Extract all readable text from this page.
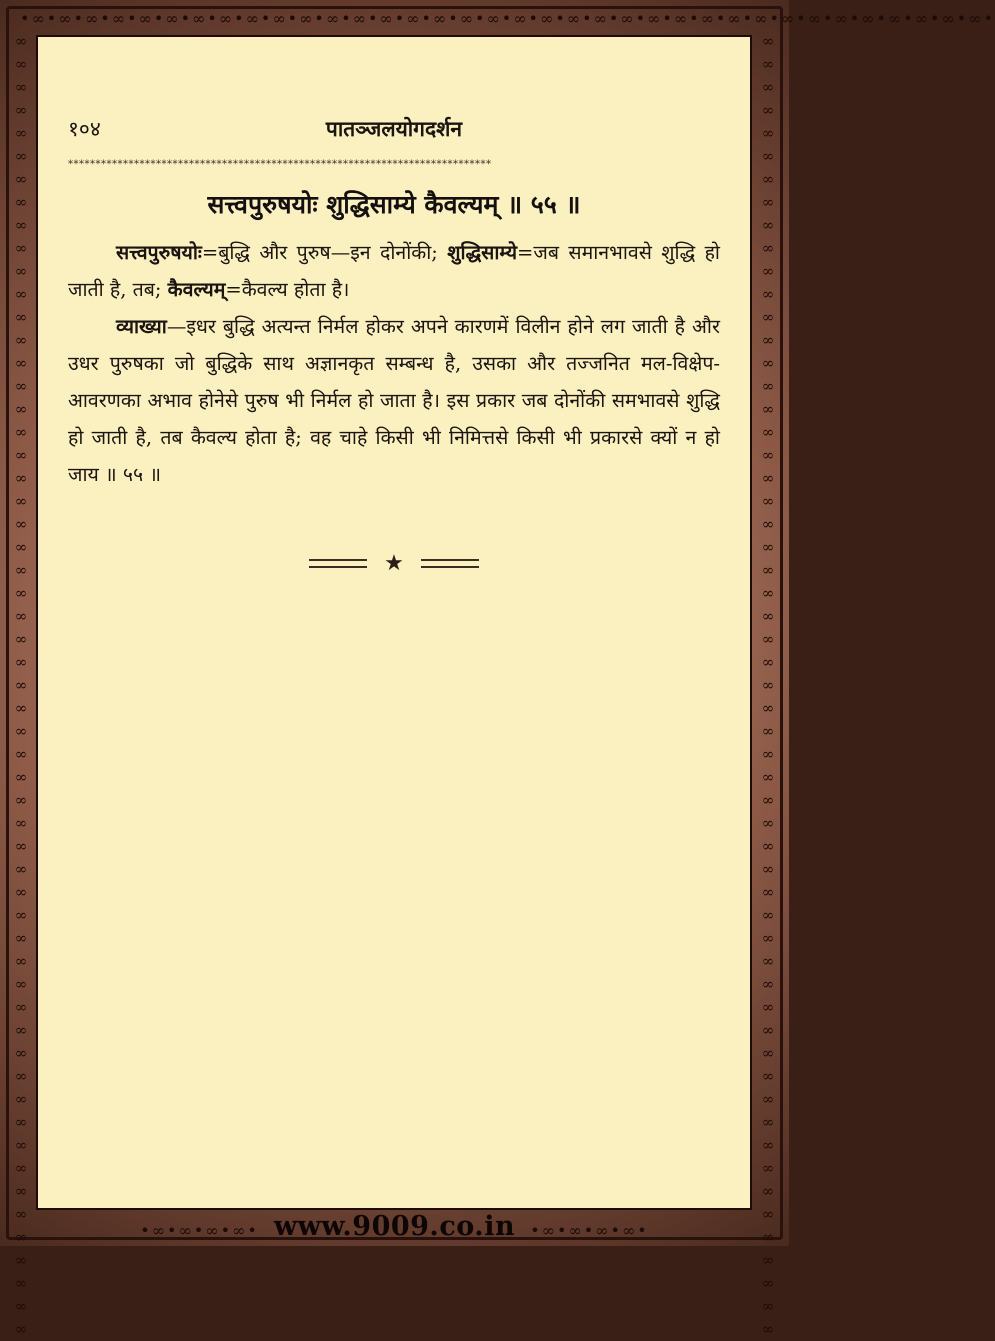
•∞•∞•∞•∞•∞•∞•∞•∞•∞•∞•∞•∞•∞•∞•∞•∞•∞•∞•∞•∞•∞•∞•∞•∞•∞•∞•∞•∞•∞•∞•∞•∞•∞•∞•∞•∞•
∞ ∞ ∞ ∞ ∞ ∞ ∞ ∞ ∞ ∞ ∞ ∞ ∞ ∞ ∞ ∞ ∞ ∞ ∞ ∞ ∞ ∞ ∞ ∞ ∞ ∞ ∞ ∞ ∞ ∞ ∞ ∞ ∞ ∞ ∞ ∞ ∞ ∞ ∞ ∞ ∞ ∞ ∞ ∞ ∞ ∞ ∞ ∞ ∞ ∞ ∞ ∞ ∞ ∞ ∞ ∞ ∞
∞ ∞ ∞ ∞ ∞ ∞ ∞ ∞ ∞ ∞ ∞ ∞ ∞ ∞ ∞ ∞ ∞ ∞ ∞ ∞ ∞ ∞ ∞ ∞ ∞ ∞ ∞ ∞ ∞ ∞ ∞ ∞ ∞ ∞ ∞ ∞ ∞ ∞ ∞ ∞ ∞ ∞ ∞ ∞ ∞ ∞ ∞ ∞ ∞ ∞ ∞ ∞ ∞ ∞ ∞ ∞ ∞
१०४	पातञ्जलयोगदर्शन
*****************************************************************************
सत्त्वपुरुषयोः शुद्धिसाम्ये कैवल्यम् ॥ ५५ ॥

सत्त्वपुरुषयोः=बुद्धि और पुरुष—इन दोनोंकी; शुद्धिसाम्ये=जब समानभावसे शुद्धि हो जाती है, तब; कैवल्यम्=कैवल्य होता है।

व्याख्या—इधर बुद्धि अत्यन्त निर्मल होकर अपने कारणमें विलीन होने लग जाती है और उधर पुरुषका जो बुद्धिके साथ अज्ञानकृत सम्बन्ध है, उसका और तज्जनित मल-विक्षेप-आवरणका अभाव होनेसे पुरुष भी निर्मल हो जाता है। इस प्रकार जब दोनोंकी समभावसे शुद्धि हो जाती है, तब कैवल्य होता है; वह चाहे किसी भी निमित्तसे किसी भी प्रकारसे क्यों न हो जाय ॥ ५५ ॥

★
•∞•∞•∞•∞• www.9009.co.in •∞•∞•∞•∞•
